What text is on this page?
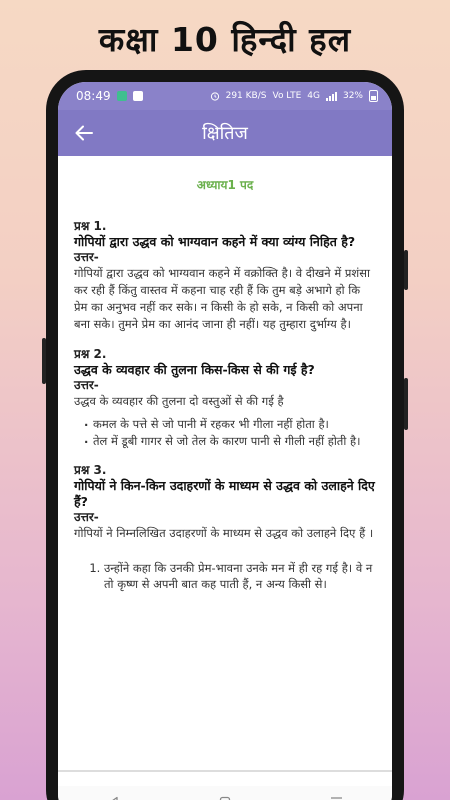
कक्षा 10 हिन्दी हल
08:49	291 KB/S Vo LTE 4G	32%
क्षितिज
अध्याय1 पद
प्रश्न 1.
गोपियों द्वारा उद्धव को भाग्यवान कहने में क्या व्यंग्य निहित है?
उत्तर-
गोपियों द्वारा उद्धव को भाग्यवान कहने में वक्रोक्ति है। वे दीखने में प्रशंसा कर रही हैं किंतु वास्तव में कहना चाह रही हैं कि तुम बड़े अभागे हो कि प्रेम का अनुभव नहीं कर सके। न किसी के हो सके, न किसी को अपना बना सके। तुमने प्रेम का आनंद जाना ही नहीं। यह तुम्हारा दुर्भाग्य है।
प्रश्न 2.
उद्धव के व्यवहार की तुलना किस-किस से की गई है?
उत्तर-
उद्धव के व्यवहार की तुलना दो वस्तुओं से की गई है
. कमल के पत्ते से जो पानी में रहकर भी गीला नहीं होता है।
. तेल में डूबी गागर से जो तेल के कारण पानी से गीली नहीं होती है।
प्रश्न 3.
गोपियों ने किन-किन उदाहरणों के माध्यम से उद्धव को उलाहने दिए हैं?
उत्तर-
गोपियों ने निम्नलिखित उदाहरणों के माध्यम से उद्धव को उलाहने दिए हैं ।
1. उन्होंने कहा कि उनकी प्रेम-भावना उनके मन में ही रह गई है। वे न तो कृष्ण से अपनी बात कह पाती हैं, न अन्य किसी से।
